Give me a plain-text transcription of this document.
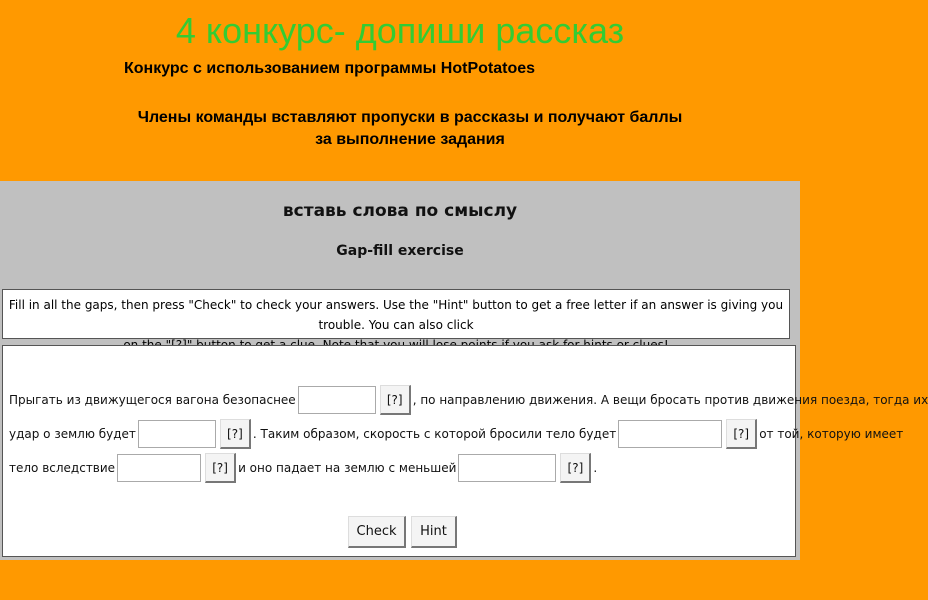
4 конкурс- допиши рассказ
Конкурс с использованием программы HotPotatoes
Члены команды вставляют пропуски в рассказы и получают баллы
за выполнение задания
вставь слова по смыслу
Gap-fill exercise
Fill in all the gaps, then press "Check" to check your answers. Use the "Hint" button to get a free letter if an answer is giving you trouble. You can also click
Прыгать из движущегося вагона безопаснее	[?] , по направлению движения. А вещи бросать против движения поезда, тогда их
удар о землю будет	[?] . Таким образом, скорость с которой бросили тело будет	[?] от той, которую имеет
тело вследствие	[?] и оно падает на землю с меньшей	[?] .
Check	Hint
